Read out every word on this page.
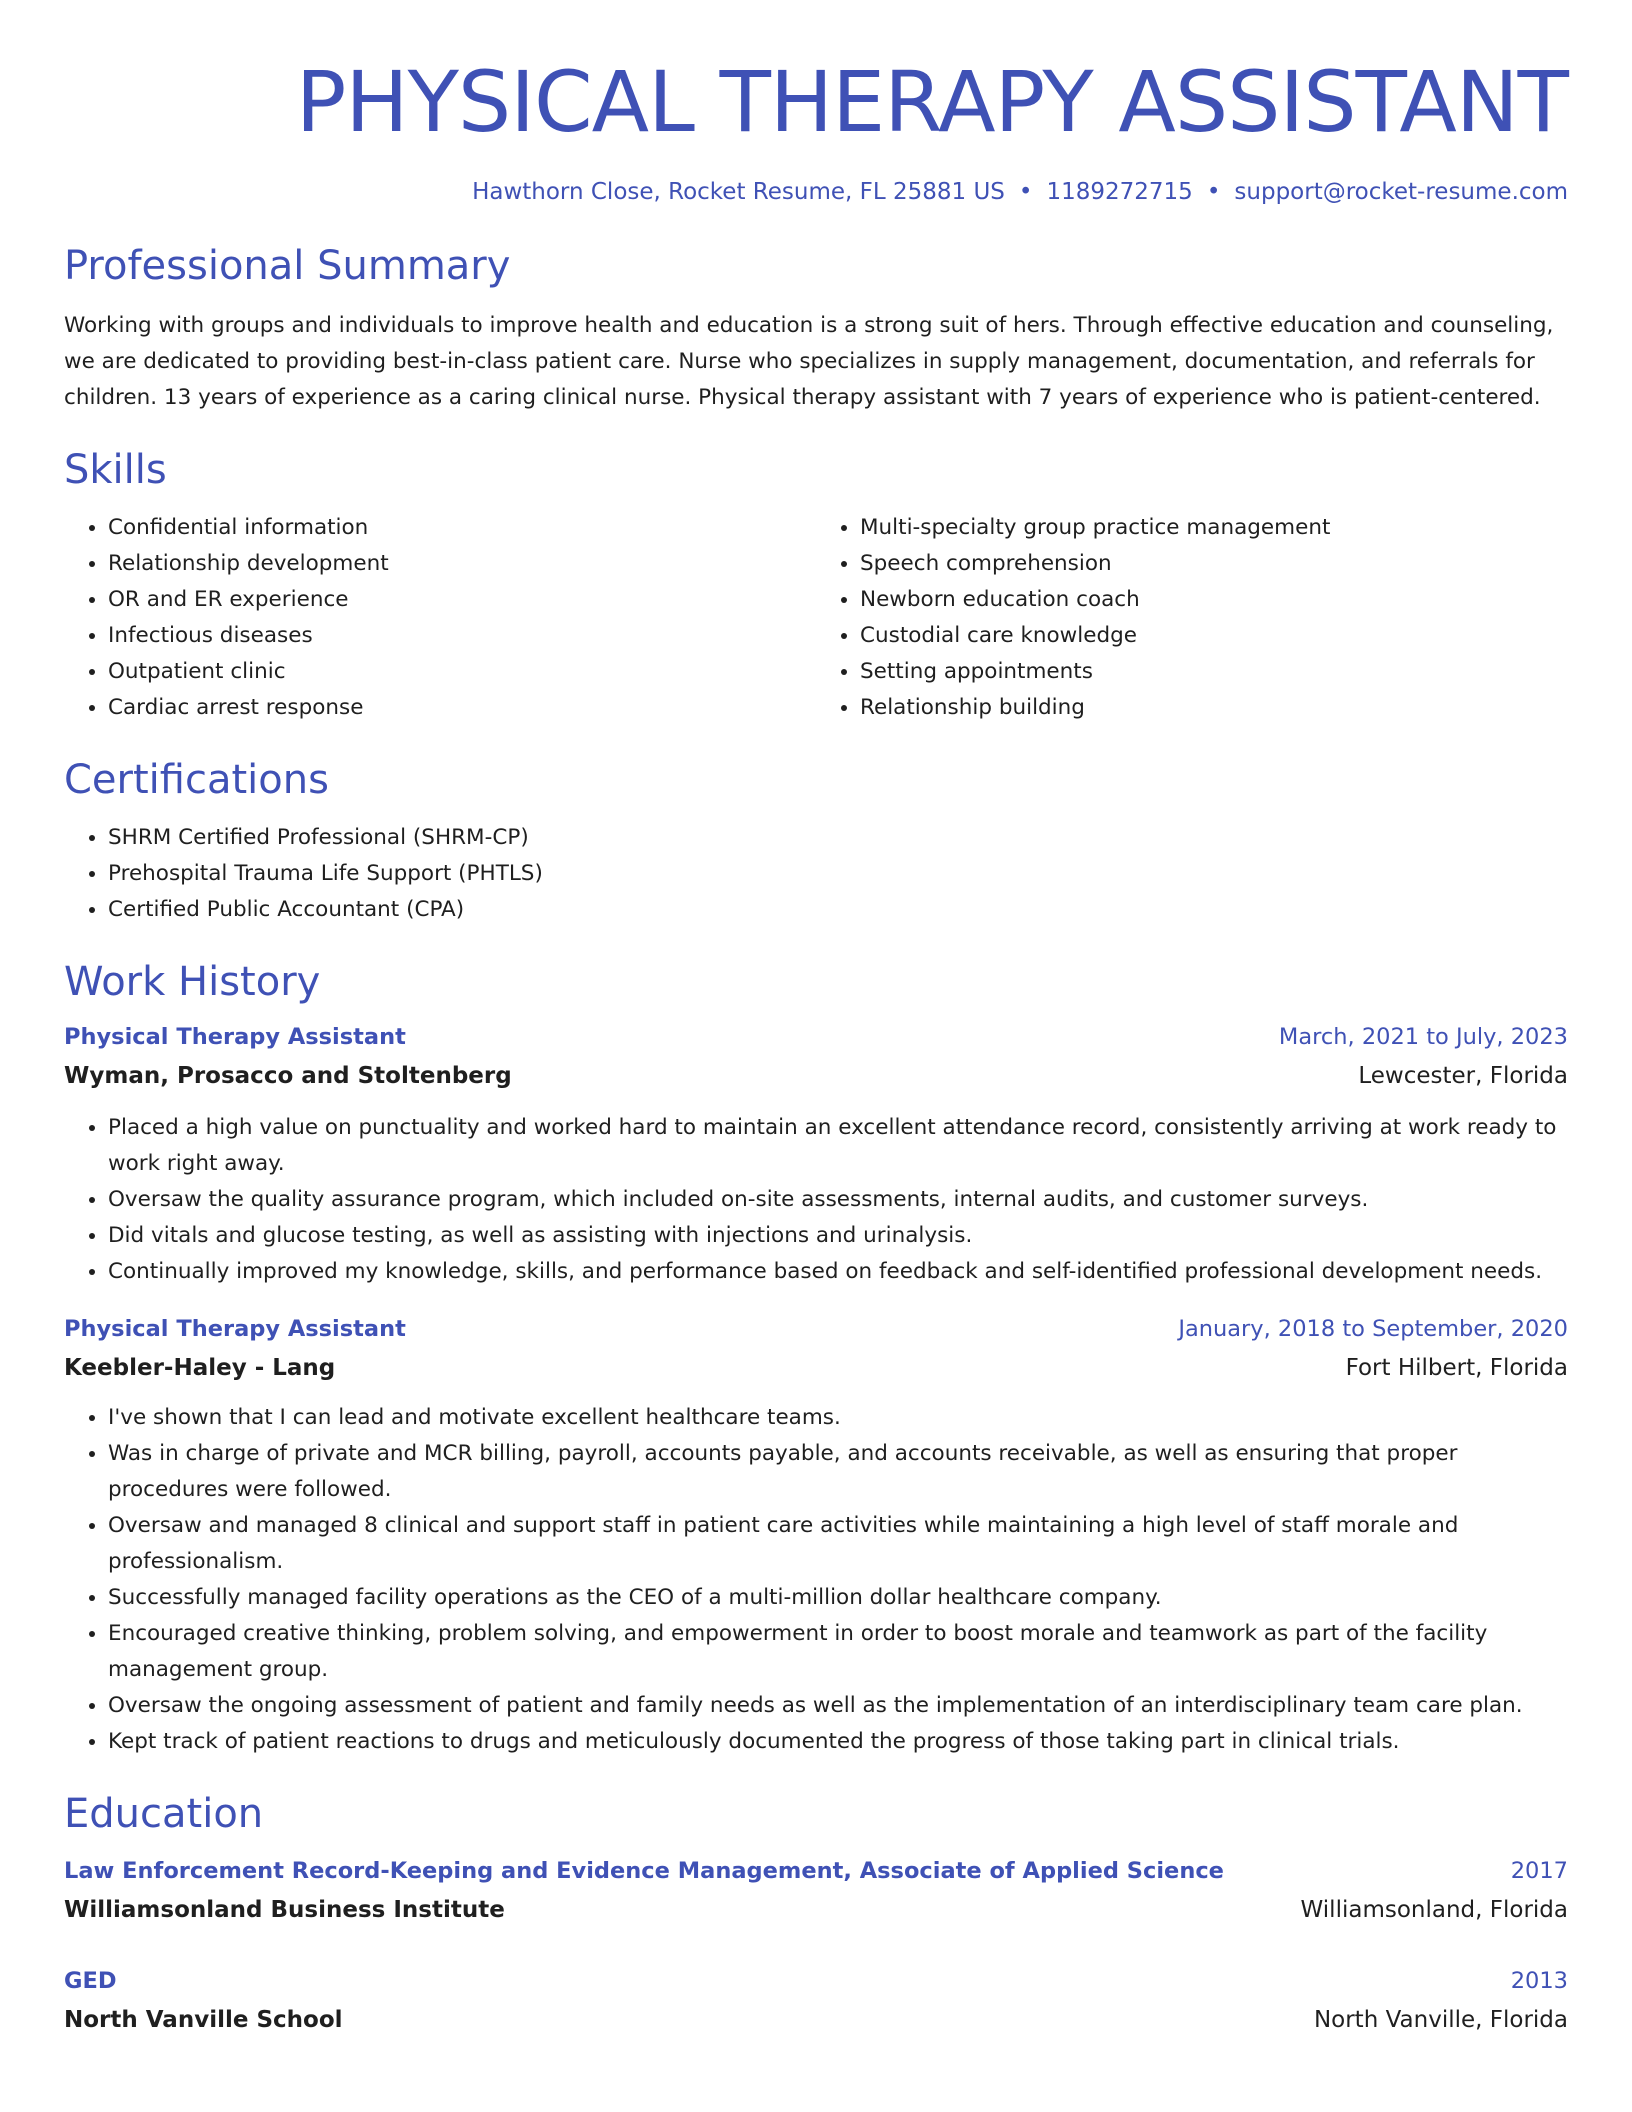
PHYSICAL THERAPY ASSISTANT
Hawthorn Close, Rocket Resume, FL 25881 US • 1189272715 • support@rocket-resume.com
Professional Summary

Working with groups and individuals to improve health and education is a strong suit of hers. Through effective education and counseling, we are dedicated to providing best-in-class patient care. Nurse who specializes in supply management, documentation, and referrals for children. 13 years of experience as a caring clinical nurse. Physical therapy assistant with 7 years of experience who is patient-centered.

Skills
• Confidential information
• Relationship development
• OR and ER experience
• Infectious diseases
• Outpatient clinic
• Cardiac arrest response
• Multi-specialty group practice management
• Speech comprehension
• Newborn education coach
• Custodial care knowledge
• Setting appointments
• Relationship building
Certifications
• SHRM Certified Professional (SHRM-CP)
• Prehospital Trauma Life Support (PHTLS)
• Certified Public Accountant (CPA)
Work History
Physical Therapy Assistant	March, 2021 to July, 2023
Wyman, Prosacco and Stoltenberg	Lewcester, Florida
• Placed a high value on punctuality and worked hard to maintain an excellent attendance record, consistently arriving at work ready to work right away.
• Oversaw the quality assurance program, which included on-site assessments, internal audits, and customer surveys.
• Did vitals and glucose testing, as well as assisting with injections and urinalysis.
• Continually improved my knowledge, skills, and performance based on feedback and self-identified professional development needs.
Physical Therapy Assistant	January, 2018 to September, 2020
Keebler-Haley - Lang	Fort Hilbert, Florida
• I've shown that I can lead and motivate excellent healthcare teams.
• Was in charge of private and MCR billing, payroll, accounts payable, and accounts receivable, as well as ensuring that proper procedures were followed.
• Oversaw and managed 8 clinical and support staff in patient care activities while maintaining a high level of staff morale and professionalism.
• Successfully managed facility operations as the CEO of a multi-million dollar healthcare company.
• Encouraged creative thinking, problem solving, and empowerment in order to boost morale and teamwork as part of the facility management group.
• Oversaw the ongoing assessment of patient and family needs as well as the implementation of an interdisciplinary team care plan.
• Kept track of patient reactions to drugs and meticulously documented the progress of those taking part in clinical trials.
Education
Law Enforcement Record-Keeping and Evidence Management, Associate of Applied Science	2017
Williamsonland Business Institute	Williamsonland, Florida
GED	2013
North Vanville School	North Vanville, Florida
